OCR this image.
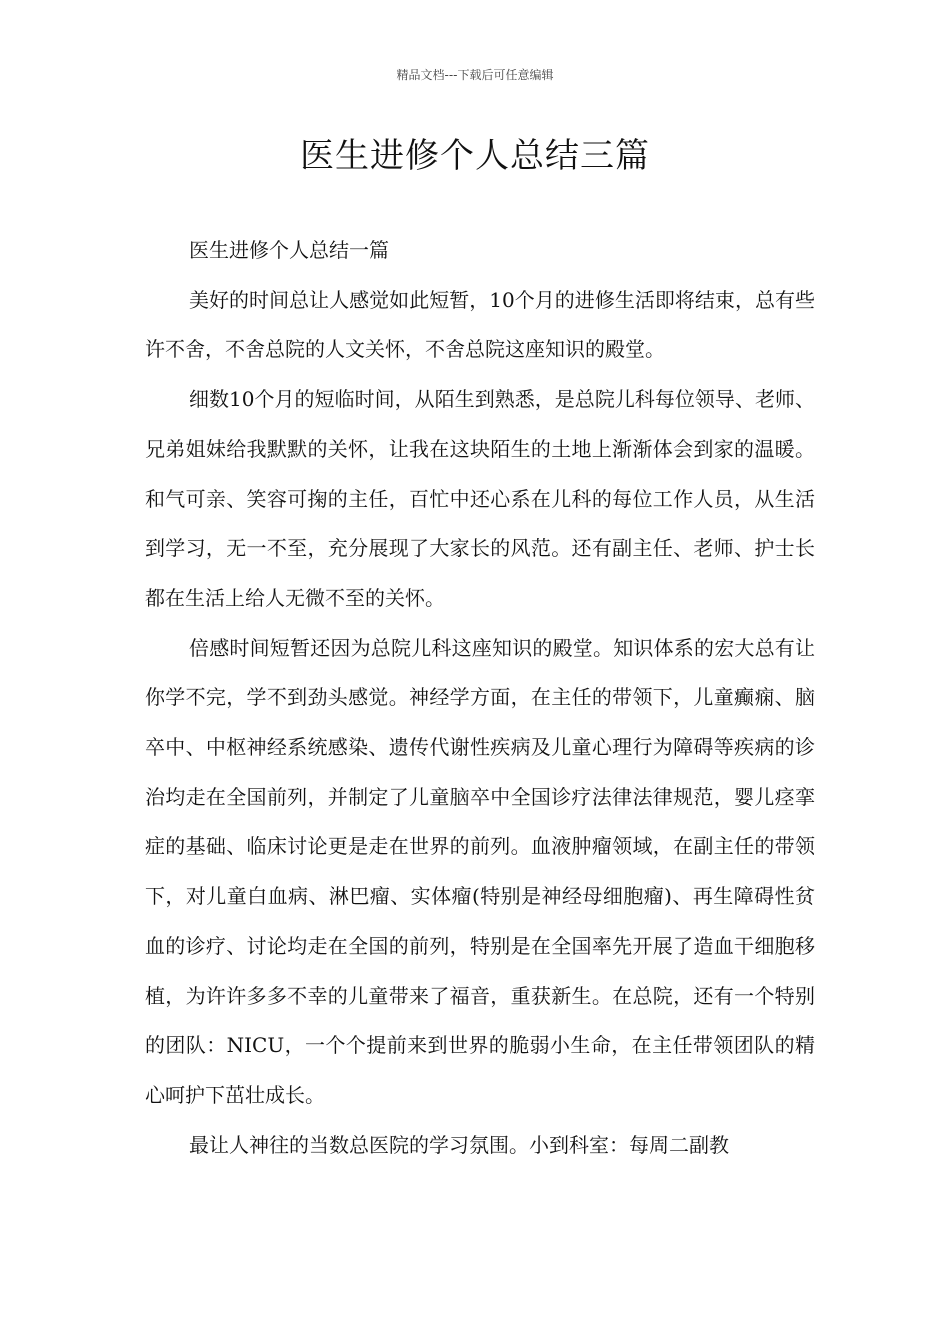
精品文档---下载后可任意编辑
医生进修个人总结三篇

医生进修个人总结一篇

美好的时间总让人感觉如此短暂，10个月的进修生活即将结束，总有些许不舍，不舍总院的人文关怀，不舍总院这座知识的殿堂。

细数10个月的短临时间，从陌生到熟悉，是总院儿科每位领导、老师、兄弟姐妹给我默默的关怀，让我在这块陌生的土地上渐渐体会到家的温暖。和气可亲、笑容可掬的主任，百忙中还心系在儿科的每位工作人员，从生活到学习，无一不至，充分展现了大家长的风范。还有副主任、老师、护士长都在生活上给人无微不至的关怀。

倍感时间短暂还因为总院儿科这座知识的殿堂。知识体系的宏大总有让你学不完，学不到劲头感觉。神经学方面，在主任的带领下，儿童癫痫、脑卒中、中枢神经系统感染、遗传代谢性疾病及儿童心理行为障碍等疾病的诊治均走在全国前列，并制定了儿童脑卒中全国诊疗法律法律规范，婴儿痉挛症的基础、临床讨论更是走在世界的前列。血液肿瘤领域，在副主任的带领下，对儿童白血病、淋巴瘤、实体瘤(特别是神经母细胞瘤)、再生障碍性贫血的诊疗、讨论均走在全国的前列，特别是在全国率先开展了造血干细胞移植，为许许多多不幸的儿童带来了福音，重获新生。在总院，还有一个特别的团队：NICU，一个个提前来到世界的脆弱小生命，在主任带领团队的精心呵护下茁壮成长。

最让人神往的当数总医院的学习氛围。小到科室：每周二副教
